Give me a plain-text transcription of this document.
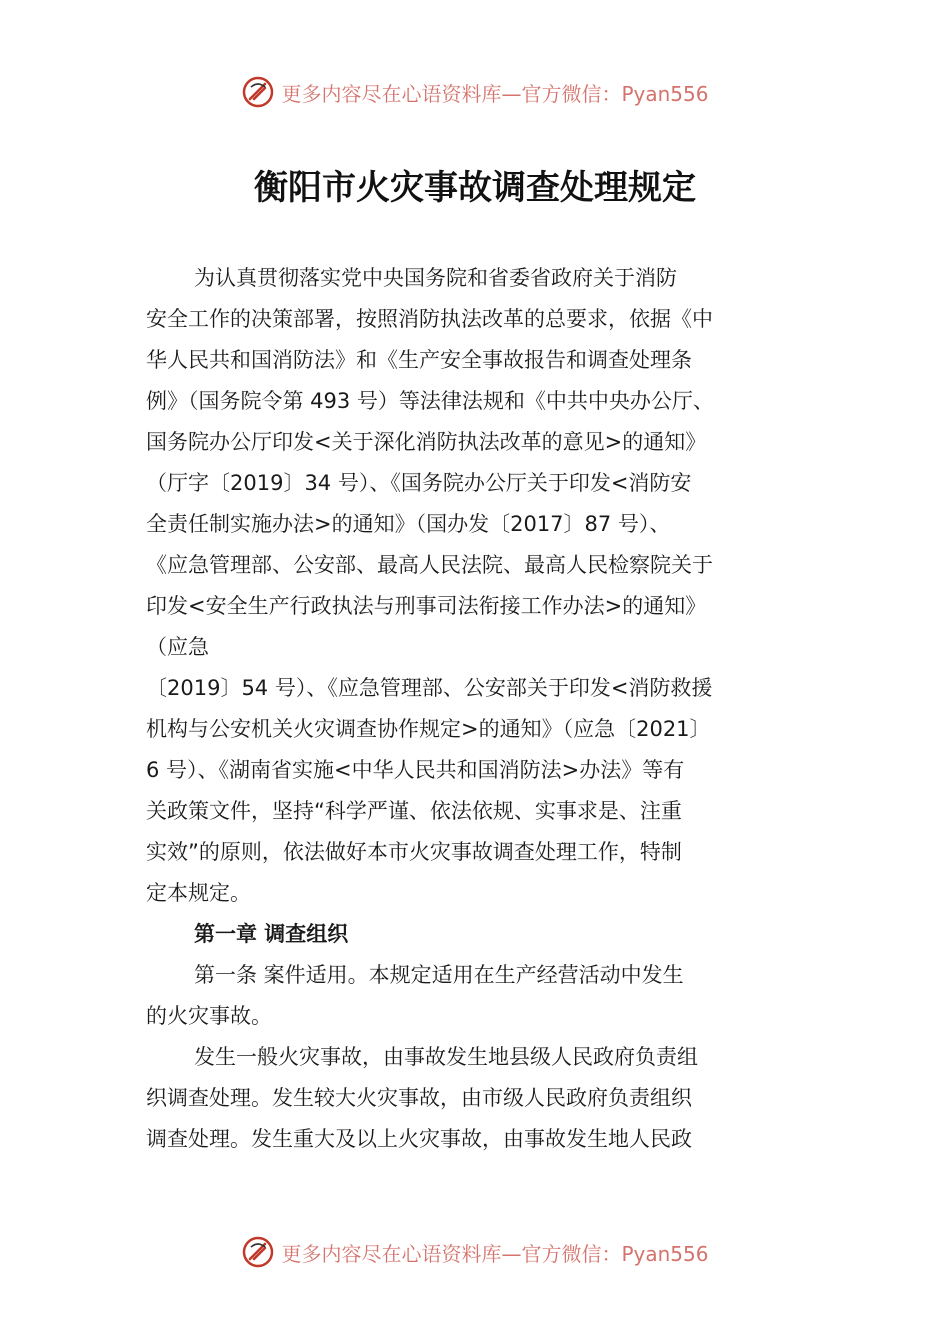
更多内容尽在心语资料库—官方微信：Pyan556
衡阳市火灾事故调查处理规定
为认真贯彻落实党中央国务院和省委省政府关于消防
安全工作的决策部署，按照消防执法改革的总要求，依据《中
华人民共和国消防法》和《生产安全事故报告和调查处理条
例》（国务院令第 493 号）等法律法规和《中共中央办公厅、
国务院办公厅印发<关于深化消防执法改革的意见>的通知》
（厅字〔2019〕34 号）、《国务院办公厅关于印发<消防安
全责任制实施办法>的通知》（国办发〔2017〕87 号）、
《应急管理部、公安部、最高人民法院、最高人民检察院关于
印发<安全生产行政执法与刑事司法衔接工作办法>的通知》
（应急
〔2019〕54 号）、《应急管理部、公安部关于印发<消防救援
机构与公安机关火灾调查协作规定>的通知》（应急〔2021〕
6 号）、《湖南省实施<中华人民共和国消防法>办法》等有
关政策文件，坚持“科学严谨、依法依规、实事求是、注重
实效”的原则，依法做好本市火灾事故调查处理工作，特制
定本规定。
第一章 调查组织
第一条 案件适用。本规定适用在生产经营活动中发生
的火灾事故。
发生一般火灾事故，由事故发生地县级人民政府负责组
织调查处理。发生较大火灾事故，由市级人民政府负责组织
调查处理。发生重大及以上火灾事故，由事故发生地人民政
更多内容尽在心语资料库—官方微信：Pyan556
